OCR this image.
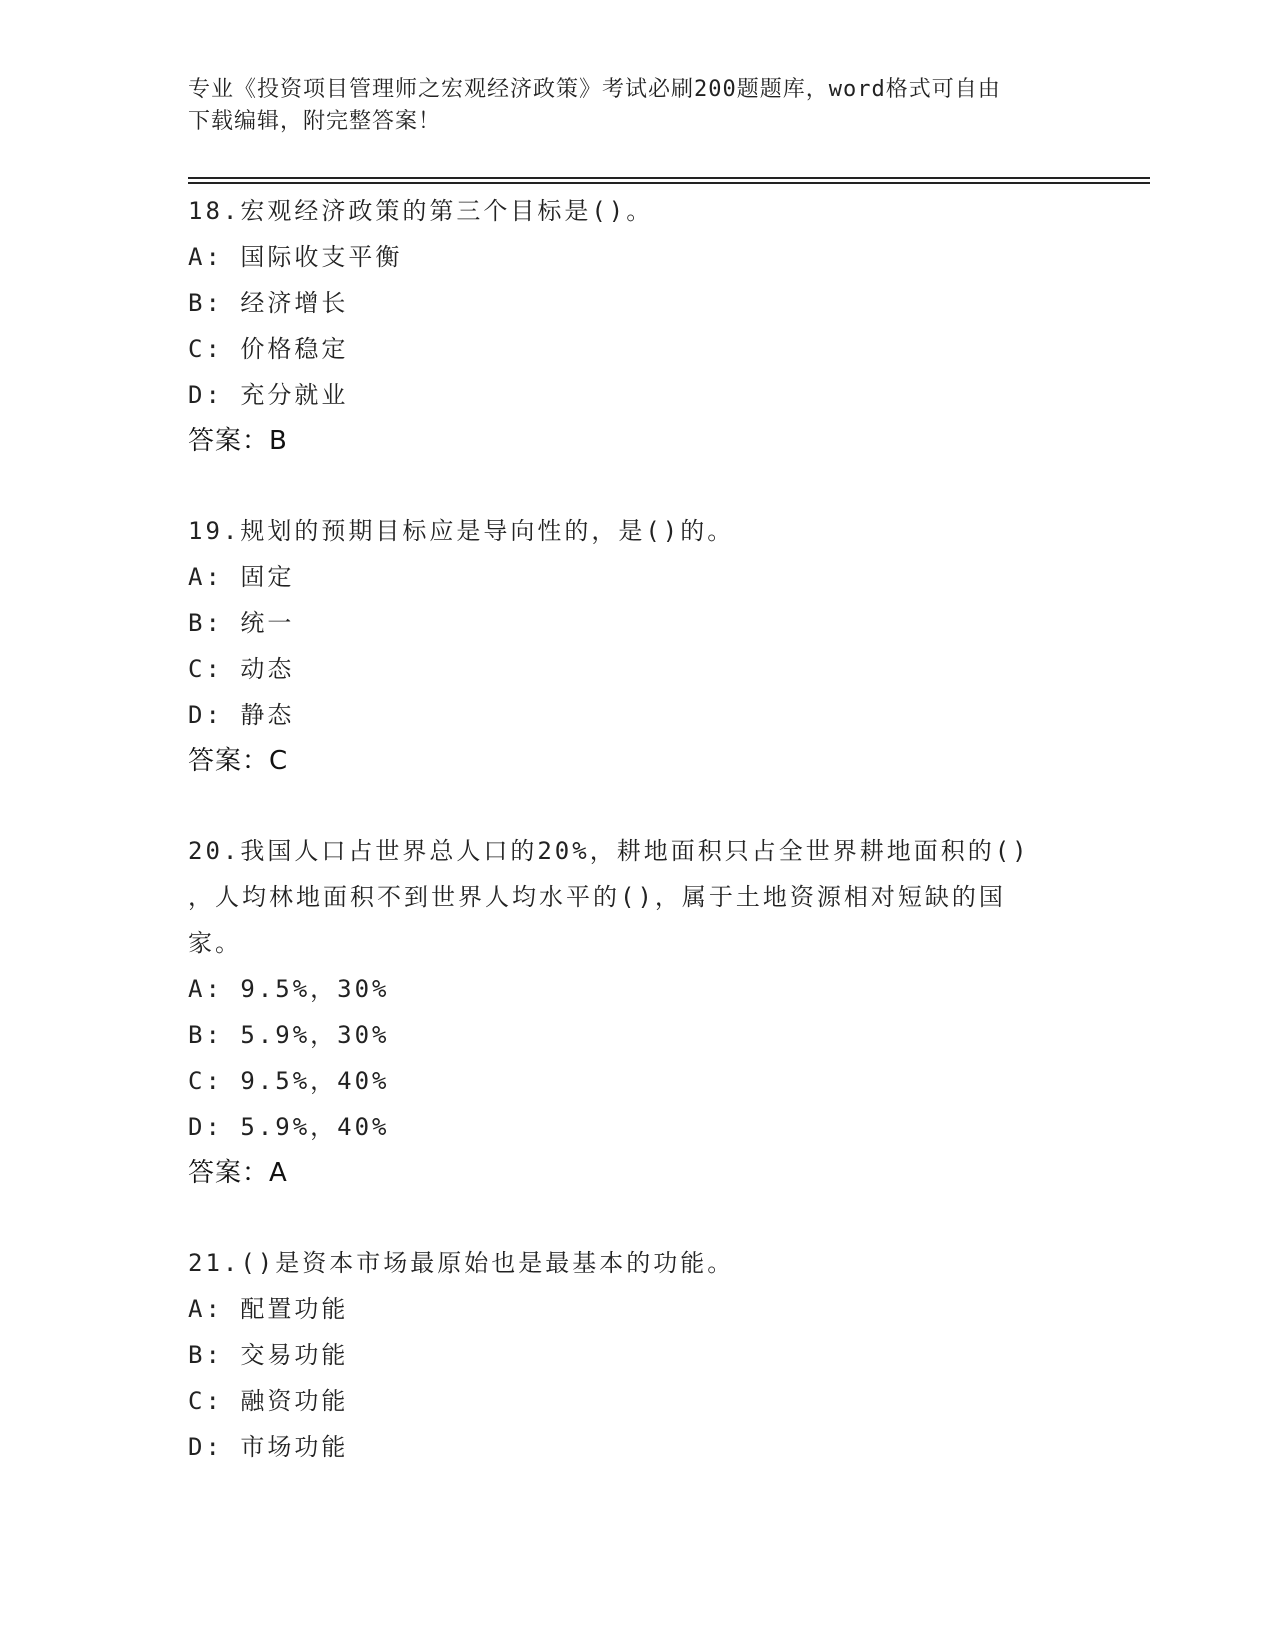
专业《投资项目管理师之宏观经济政策》考试必刷200题题库，word格式可自由
下载编辑，附完整答案！
18.宏观经济政策的第三个目标是()。
A: 国际收支平衡
B: 经济增长
C: 价格稳定
D: 充分就业
答案：B
19.规划的预期目标应是导向性的，是()的。
A: 固定
B: 统一
C: 动态
D: 静态
答案：C
20.我国人口占世界总人口的20%，耕地面积只占全世界耕地面积的()
，人均林地面积不到世界人均水平的()，属于土地资源相对短缺的国
家。
A: 9.5%，30%
B: 5.9%，30%
C: 9.5%，40%
D: 5.9%，40%
答案：A
21.()是资本市场最原始也是最基本的功能。
A: 配置功能
B: 交易功能
C: 融资功能
D: 市场功能
